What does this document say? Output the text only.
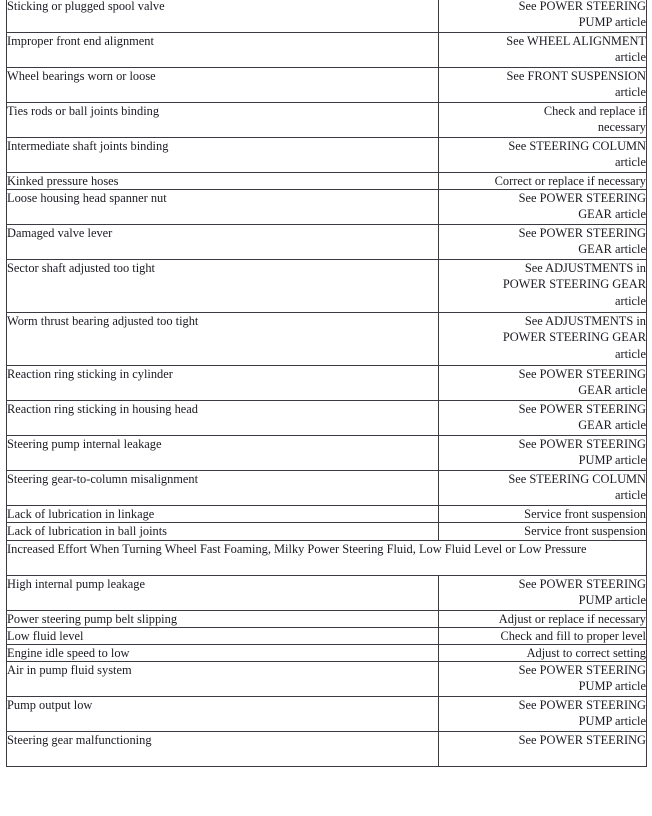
Sticking or plugged spool valve	See POWER STEERING
PUMP article

Improper front end alignment	See WHEEL ALIGNMENT
article

Wheel bearings worn or loose	See FRONT SUSPENSION
article

Ties rods or ball joints binding	Check and replace if
necessary

Intermediate shaft joints binding	See STEERING COLUMN
article

Kinked pressure hoses	Correct or replace if necessary

Loose housing head spanner nut	See POWER STEERING
GEAR article

Damaged valve lever	See POWER STEERING
GEAR article

Sector shaft adjusted too tight	See ADJUSTMENTS in
POWER STEERING GEAR
article

Worm thrust bearing adjusted too tight	See ADJUSTMENTS in
POWER STEERING GEAR
article

Reaction ring sticking in cylinder	See POWER STEERING
GEAR article

Reaction ring sticking in housing head	See POWER STEERING
GEAR article

Steering pump internal leakage	See POWER STEERING
PUMP article

Steering gear-to-column misalignment	See STEERING COLUMN
article

Lack of lubrication in linkage	Service front suspension

Lack of lubrication in ball joints	Service front suspension

Increased Effort When Turning Wheel Fast Foaming, Milky Power Steering Fluid, Low Fluid Level or Low Pressure	
High internal pump leakage	See POWER STEERING
PUMP article

Power steering pump belt slipping	Adjust or replace if necessary

Low fluid level	Check and fill to proper level

Engine idle speed to low	Adjust to correct setting

Air in pump fluid system	See POWER STEERING
PUMP article

Pump output low	See POWER STEERING
PUMP article

Steering gear malfunctioning	See POWER STEERING
